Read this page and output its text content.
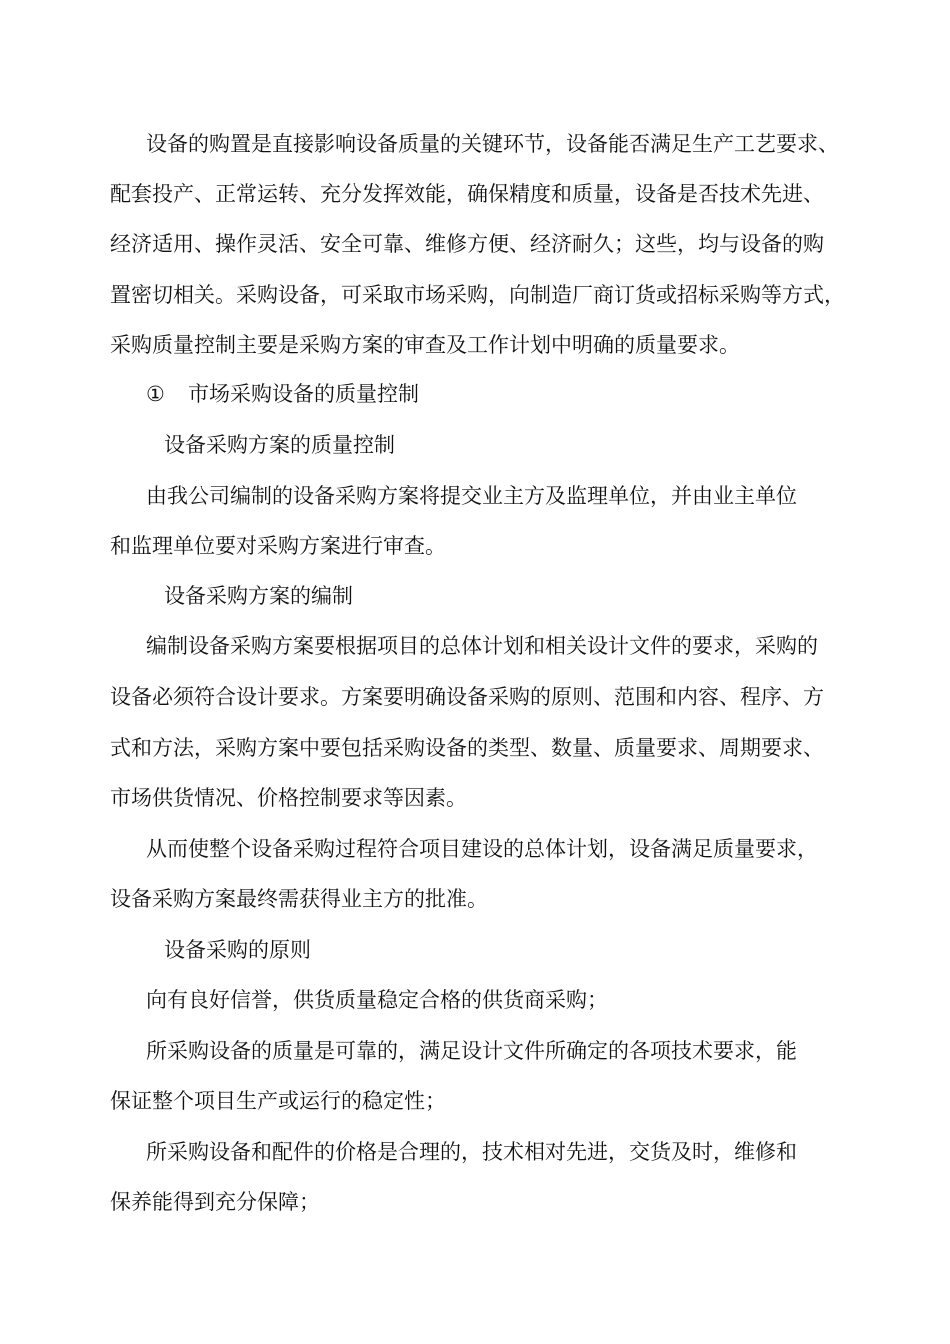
设备的购置是直接影响设备质量的关键环节，设备能否满足生产工艺要求、
配套投产、正常运转、充分发挥效能，确保精度和质量，设备是否技术先进、
经济适用、操作灵活、安全可靠、维修方便、经济耐久；这些，均与设备的购
置密切相关。采购设备，可采取市场采购，向制造厂商订货或招标采购等方式，
采购质量控制主要是采购方案的审查及工作计划中明确的质量要求。
① 市场采购设备的质量控制
设备采购方案的质量控制
由我公司编制的设备采购方案将提交业主方及监理单位，并由业主单位
和监理单位要对采购方案进行审查。
设备采购方案的编制
编制设备采购方案要根据项目的总体计划和相关设计文件的要求，采购的
设备必须符合设计要求。方案要明确设备采购的原则、范围和内容、程序、方
式和方法，采购方案中要包括采购设备的类型、数量、质量要求、周期要求、
市场供货情况、价格控制要求等因素。
从而使整个设备采购过程符合项目建设的总体计划，设备满足质量要求，
设备采购方案最终需获得业主方的批准。
设备采购的原则
向有良好信誉，供货质量稳定合格的供货商采购；
所采购设备的质量是可靠的，满足设计文件所确定的各项技术要求，能
保证整个项目生产或运行的稳定性；
所采购设备和配件的价格是合理的，技术相对先进，交货及时，维修和
保养能得到充分保障；
